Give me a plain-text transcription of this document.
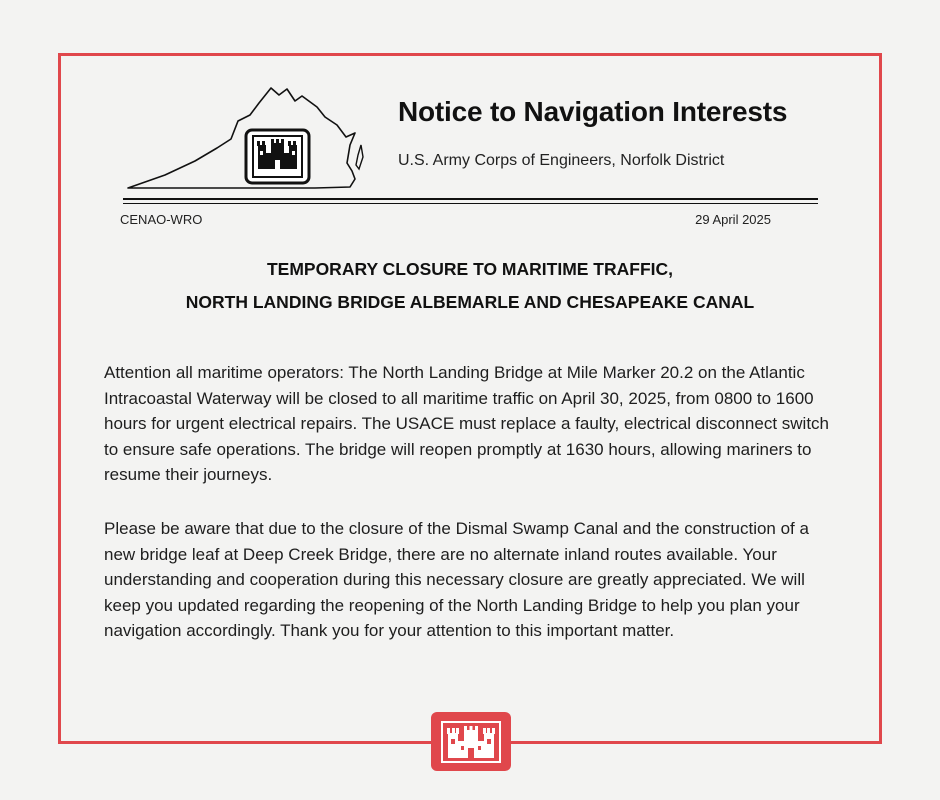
Notice to Navigation Interests
U.S. Army Corps of Engineers, Norfolk District
CENAO-WRO	29 April 2025
TEMPORARY CLOSURE TO MARITIME TRAFFIC,
NORTH LANDING BRIDGE ALBEMARLE AND CHESAPEAKE CANAL

Attention all maritime operators: The North Landing Bridge at Mile Marker 20.2 on the Atlantic Intracoastal Waterway will be closed to all maritime traffic on April 30, 2025, from 0800 to 1600 hours for urgent electrical repairs. The USACE must replace a faulty, electrical disconnect switch to ensure safe operations. The bridge will reopen promptly at 1630 hours, allowing mariners to resume their journeys.

Please be aware that due to the closure of the Dismal Swamp Canal and the construction of a new bridge leaf at Deep Creek Bridge, there are no alternate inland routes available. Your understanding and cooperation during this necessary closure are greatly appreciated. We will keep you updated regarding the reopening of the North Landing Bridge to help you plan your navigation accordingly. Thank you for your attention to this important matter.
